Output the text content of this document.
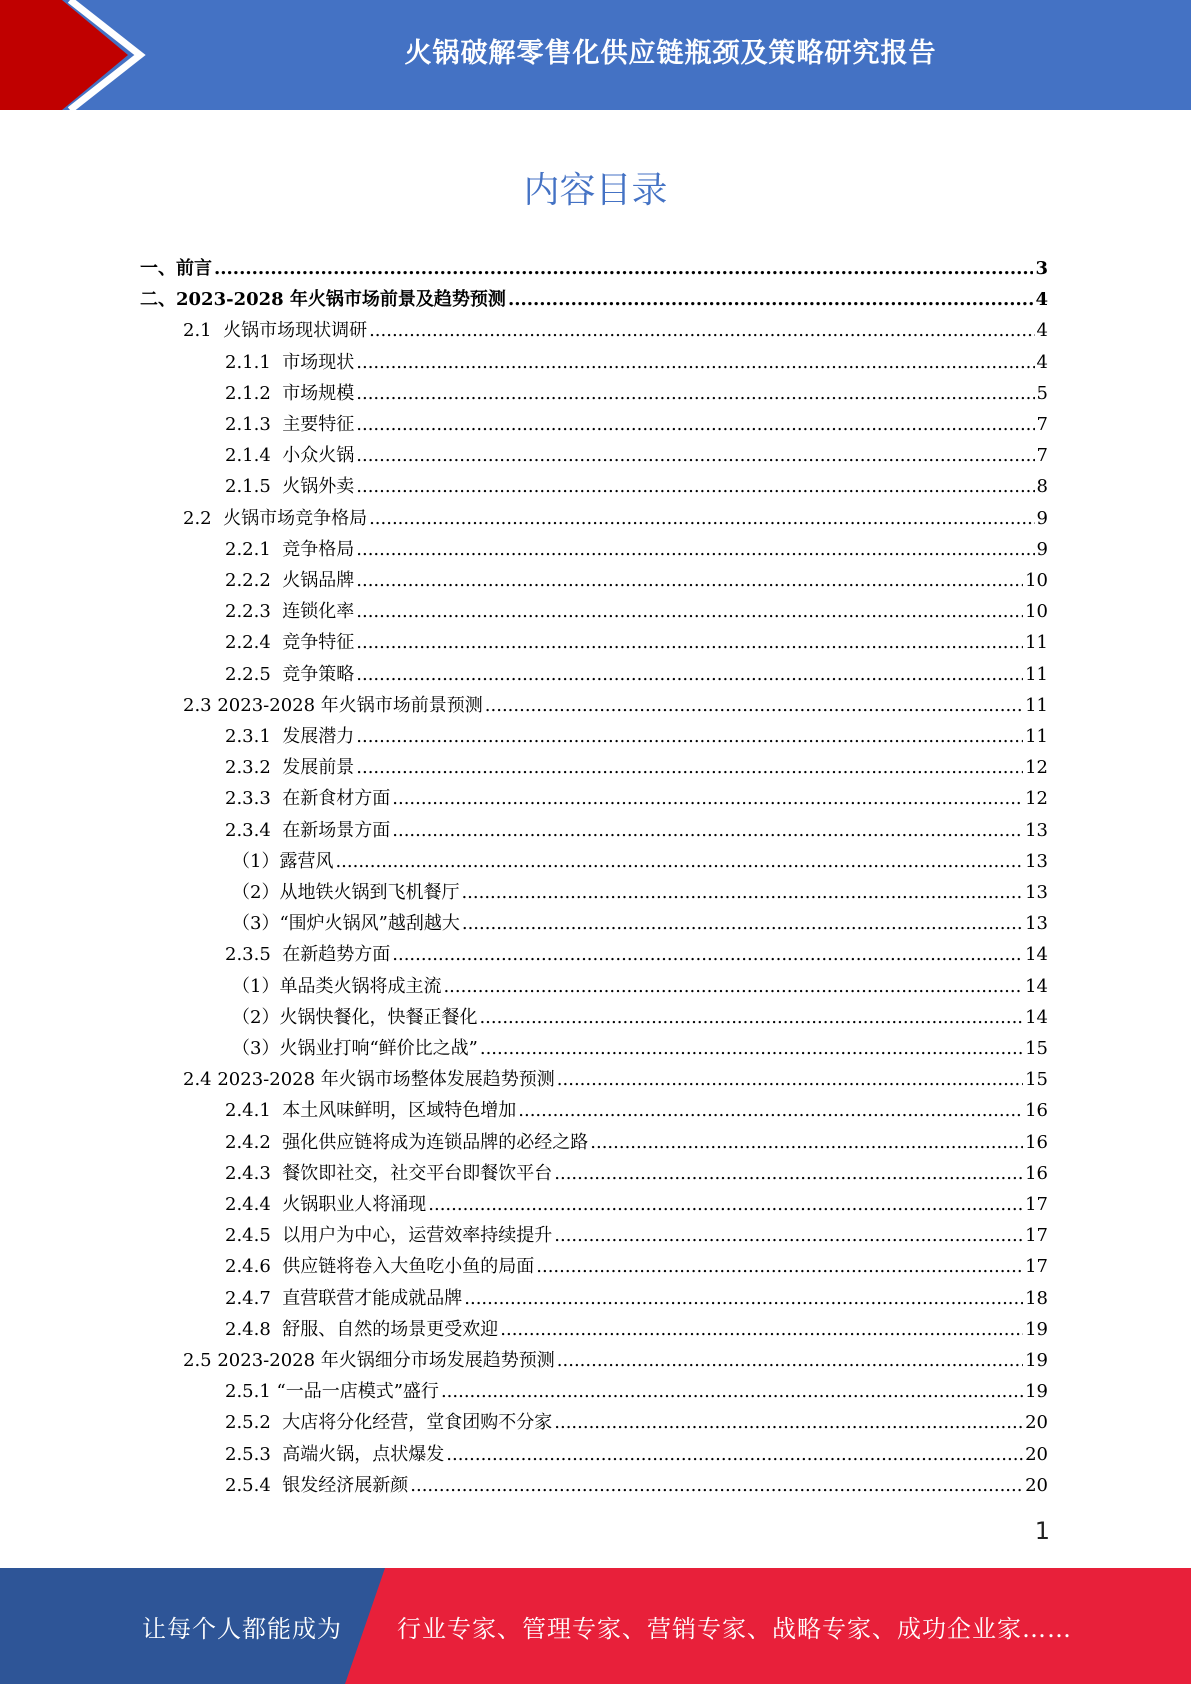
火锅破解零售化供应链瓶颈及策略研究报告
内容目录
一、前言 .....	3
二、2023-2028 年火锅市场前景及趋势预测 .....	4
2.1  火锅市场现状调研 .....	4
2.1.1  市场现状 .....	4
2.1.2  市场规模 .....	5
2.1.3  主要特征 .....	7
2.1.4  小众火锅 .....	7
2.1.5  火锅外卖 .....	8
2.2  火锅市场竞争格局 .....	9
2.2.1  竞争格局 .....	9
2.2.2  火锅品牌 .....	10
2.2.3  连锁化率 .....	10
2.2.4  竞争特征 .....	11
2.2.5  竞争策略 .....	11
2.3 2023-2028 年火锅市场前景预测 .....	11
2.3.1  发展潜力 .....	11
2.3.2  发展前景 .....	12
2.3.3  在新食材方面 .....	12
2.3.4  在新场景方面 .....	13
（1）露营风 .....	13
（2）从地铁火锅到飞机餐厅 .....	13
（3）“围炉火锅风”越刮越大 .....	13
2.3.5  在新趋势方面 .....	14
（1）单品类火锅将成主流 .....	14
（2）火锅快餐化，快餐正餐化 .....	14
（3）火锅业打响“鲜价比之战” .....	15
2.4 2023-2028 年火锅市场整体发展趋势预测 .....	15
2.4.1  本土风味鲜明，区域特色增加 .....	16
2.4.2  强化供应链将成为连锁品牌的必经之路 .....	16
2.4.3  餐饮即社交，社交平台即餐饮平台 .....	16
2.4.4  火锅职业人将涌现 .....	17
2.4.5  以用户为中心，运营效率持续提升 .....	17
2.4.6  供应链将卷入大鱼吃小鱼的局面 .....	17
2.4.7  直营联营才能成就品牌 .....	18
2.4.8  舒服、自然的场景更受欢迎 .....	19
2.5 2023-2028 年火锅细分市场发展趋势预测 .....	19
2.5.1 “一品一店模式”盛行 .....	19
2.5.2  大店将分化经营，堂食团购不分家 .....	20
2.5.3  高端火锅，点状爆发 .....	20
2.5.4  银发经济展新颜 .....	20
1
让每个人都能成为 行业专家、管理专家、营销专家、战略专家、成功企业家……
